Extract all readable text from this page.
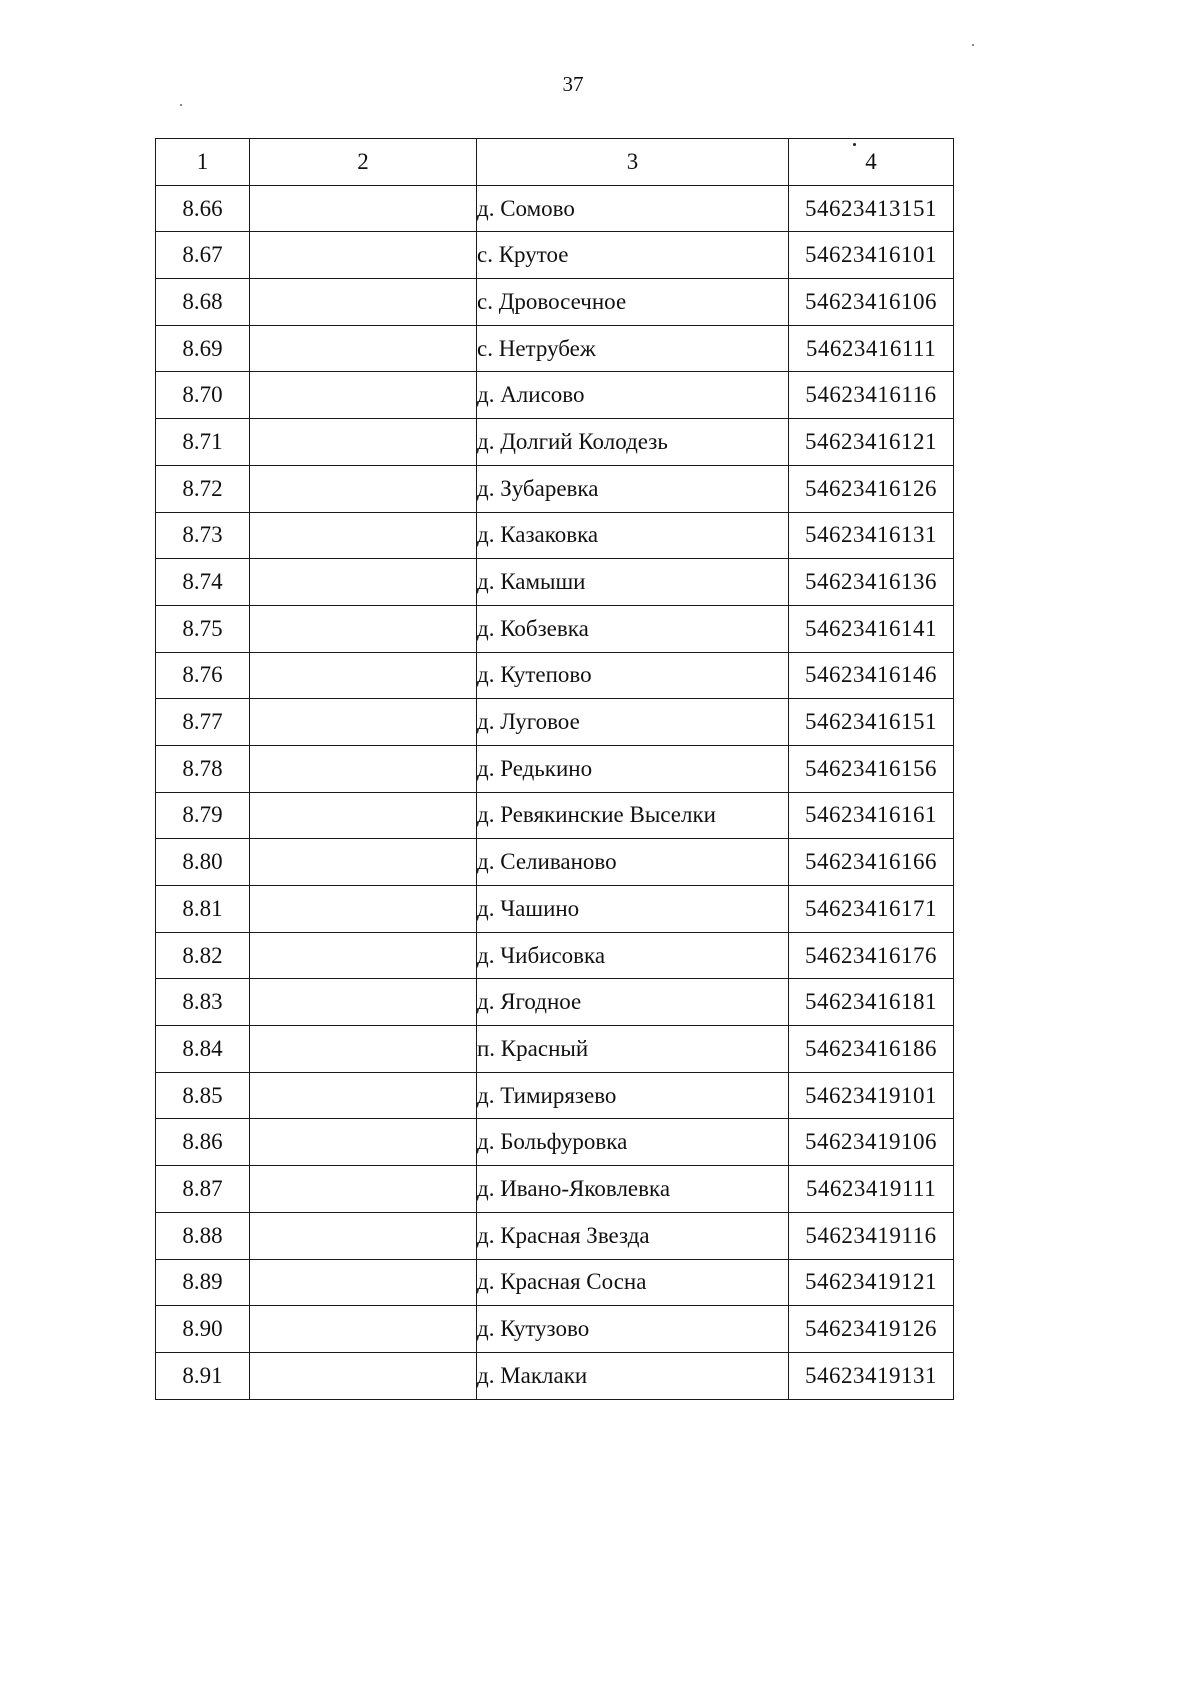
37
1	2	3	4
8.66		д. Сомово	54623413151
8.67		с. Крутое	54623416101
8.68		с. Дровосечное	54623416106
8.69		с. Нетрубеж	54623416111
8.70		д. Алисово	54623416116
8.71		д. Долгий Колодезь	54623416121
8.72		д. Зубаревка	54623416126
8.73		д. Казаковка	54623416131
8.74		д. Камыши	54623416136
8.75		д. Кобзевка	54623416141
8.76		д. Кутепово	54623416146
8.77		д. Луговое	54623416151
8.78		д. Редькино	54623416156
8.79		д. Ревякинские Выселки	54623416161
8.80		д. Селиваново	54623416166
8.81		д. Чашино	54623416171
8.82		д. Чибисовка	54623416176
8.83		д. Ягодное	54623416181
8.84		п. Красный	54623416186
8.85		д. Тимирязево	54623419101
8.86		д. Больфуровка	54623419106
8.87		д. Ивано-Яковлевка	54623419111
8.88		д. Красная Звезда	54623419116
8.89		д. Красная Сосна	54623419121
8.90		д. Кутузово	54623419126
8.91		д. Маклаки	54623419131
